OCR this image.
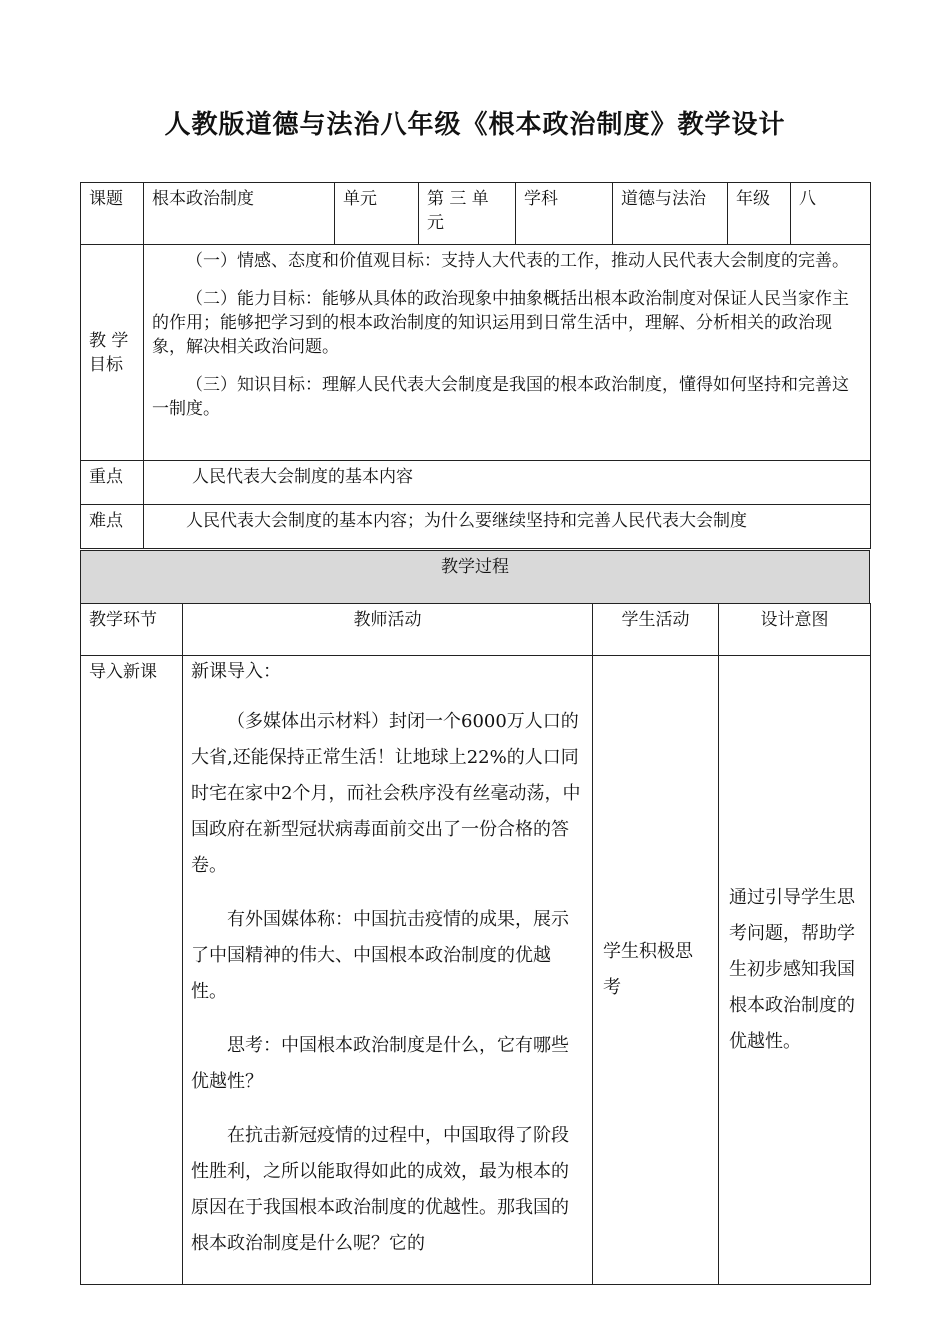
人教版道德与法治八年级《根本政治制度》教学设计
课题	根本政治制度	单元	第 三 单 元	学科	道德与法治	年级	八
教 学 目标	（一）情感、态度和价值观目标：支持人大代表的工作，推动人民代表大会制度的完善。

（二）能力目标：能够从具体的政治现象中抽象概括出根本政治制度对保证人民当家作主的作用；能够把学习到的根本政治制度的知识运用到日常生活中，理解、分析相关的政治现象，解决相关政治问题。

（三）知识目标：理解人民代表大会制度是我国的根本政治制度，懂得如何坚持和完善这一制度。						

重点	人民代表大会制度的基本内容						
难点	人民代表大会制度的基本内容；为什么要继续坚持和完善人民代表大会制度						
教学过程
教学环节	教师活动	学生活动	设计意图
导入新课	新课导入：

（多媒体出示材料）封闭一个6000万人口的大省,还能保持正常生活！让地球上22%的人口同时宅在家中2个月，而社会秩序没有丝毫动荡，中国政府在新型冠状病毒面前交出了一份合格的答卷。

有外国媒体称：中国抗击疫情的成果，展示了中国精神的伟大、中国根本政治制度的优越性。

思考：中国根本政治制度是什么，它有哪些优越性？

在抗击新冠疫情的过程中，中国取得了阶段性胜利，之所以能取得如此的成效，最为根本的原因在于我国根本政治制度的优越性。那我国的根本政治制度是什么呢？它的

	学生积极思考	通过引导学生思考问题，帮助学生初步感知我国根本政治制度的优越性。
